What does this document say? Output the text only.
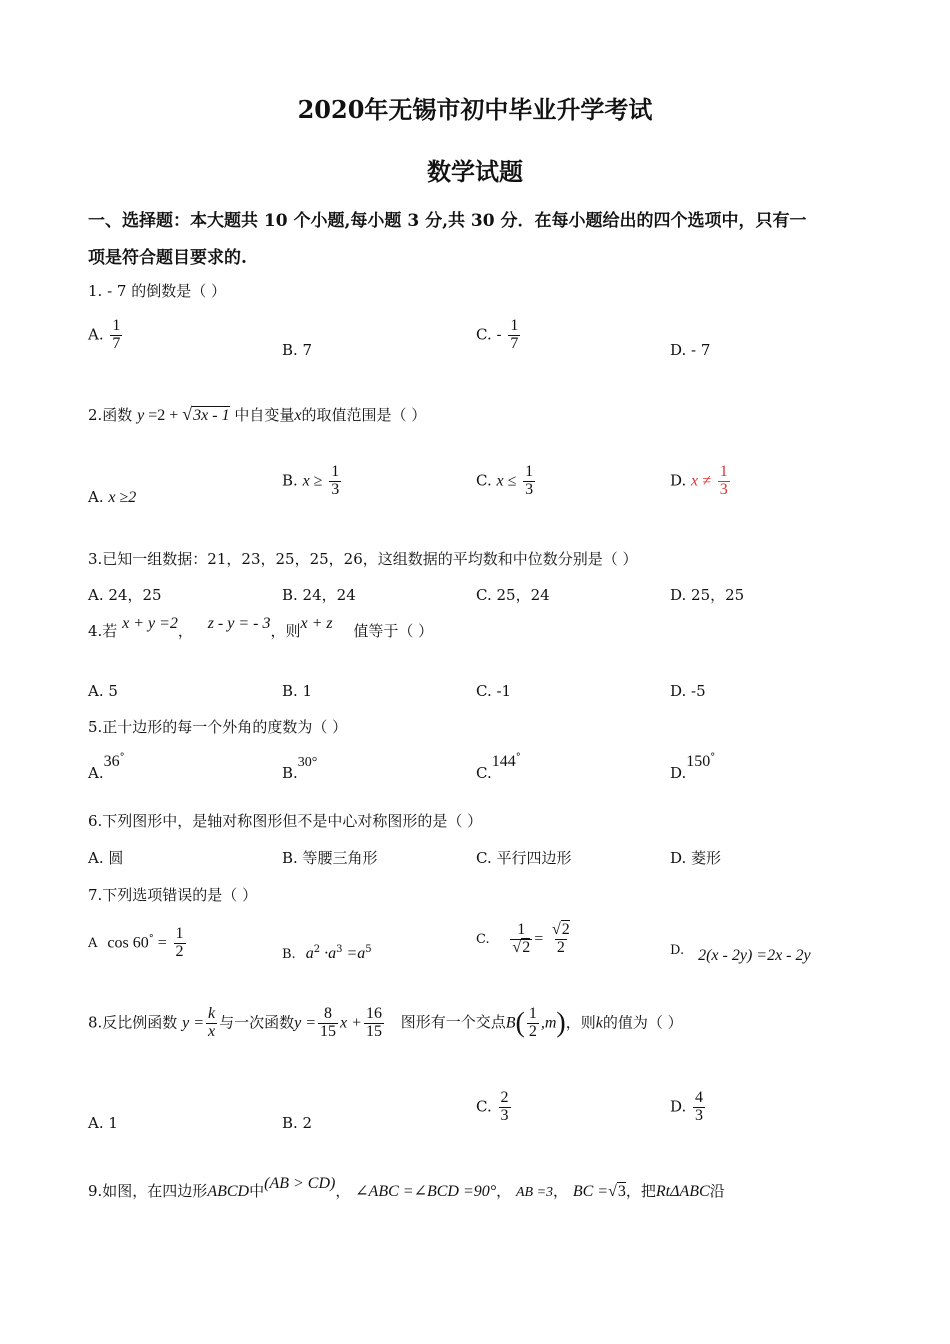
2020年无锡市初中毕业升学考试
数学试题
一、选择题：本大题共 10 个小题,每小题 3 分,共 30 分．在每小题给出的四个选项中，只有一
项是符合题目要求的.
1. - 7 的倒数是（ ）
A. $\frac{1}{7}$	B. 7
C. - $\frac{1}{7}$	D. - 7
2.函数 y =2 + √3x - 1 中自变量x的取值范围是（ ）
A. x ≥2
B. $x \ge \frac{1}{3}$	C. $x \le \frac{1}{3}$	D. $x \ne \frac{1}{3}$
3.已知一组数据：21，23，25，25，26，这组数据的平均数和中位数分别是（ ）
A. 24，25	B. 24，24	C. 25，24	D. 25，25
4.若 x + y =2， z - y = - 3，则x + z 值等于（ ）
A. 5	B. 1	C. -1	D. -5
5.正十边形的每一个外角的度数为（ ）
A.36°
B.30°
C.144°
D.150°
6.下列图形中，是轴对称图形但不是中心对称图形的是（ ）
A. 圆	B. 等腰三角形	C. 平行四边形	D. 菱形
7.下列选项错误的是（ ）
A $\cos 60^\circ = \frac{1}{2}$	B. $a^2 \cdot a^3 =a^5$
C. $\frac{1}{√2} = \frac{√2}{2}$	D. 2(x - 2y) =2x - 2y
8.反比例函数 $y = \frac{k}{x}$ 与一次函数$y = \frac{8}{15}$ $x + \frac{16}{15}$ 图形有一个交点$B( \frac{1}{2} ,m)$，则k的值为（ ）
A. 1	B. 2
C. $\frac{2}{3}$	D. $\frac{4}{3}$
9.如图，在四边形ABCD中(AB > CD)， ∠ABC =∠BCD =90°， AB =3， BC =√3，把RtΔABC沿
